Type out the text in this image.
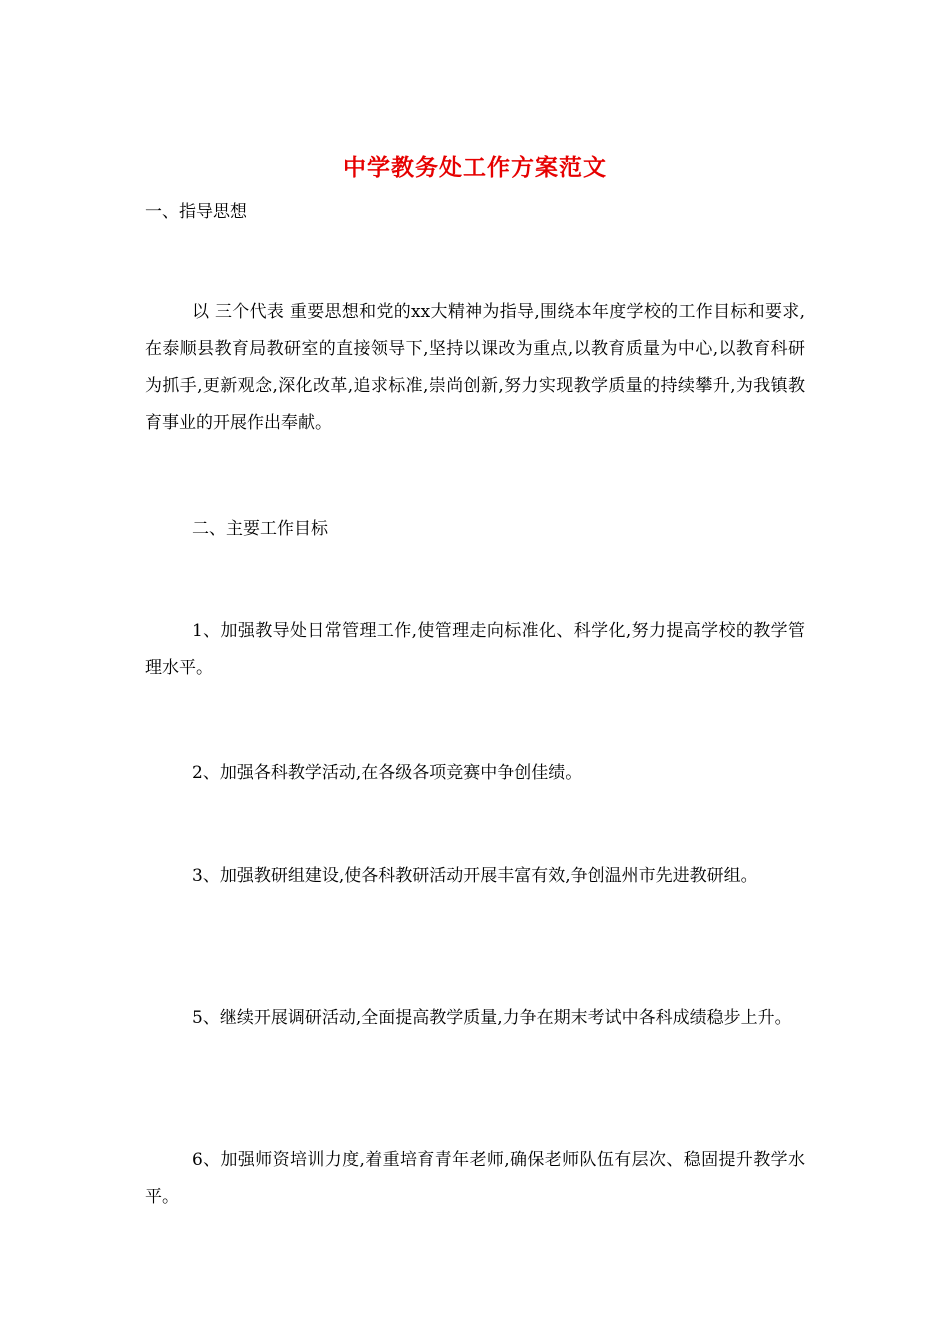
中学教务处工作方案范文

一、指导思想

以 三个代表 重要思想和党的xx大精神为指导,围绕本年度学校的工作目标和要求,在泰顺县教育局教研室的直接领导下,坚持以课改为重点,以教育质量为中心,以教育科研为抓手,更新观念,深化改革,追求标准,崇尚创新,努力实现教学质量的持续攀升,为我镇教育事业的开展作出奉献。

二、主要工作目标

1、加强教导处日常管理工作,使管理走向标准化、科学化,努力提高学校的教学管理水平。

2、加强各科教学活动,在各级各项竞赛中争创佳绩。

3、加强教研组建设,使各科教研活动开展丰富有效,争创温州市先进教研组。

5、继续开展调研活动,全面提高教学质量,力争在期末考试中各科成绩稳步上升。

6、加强师资培训力度,着重培育青年老师,确保老师队伍有层次、稳固提升教学水平。
